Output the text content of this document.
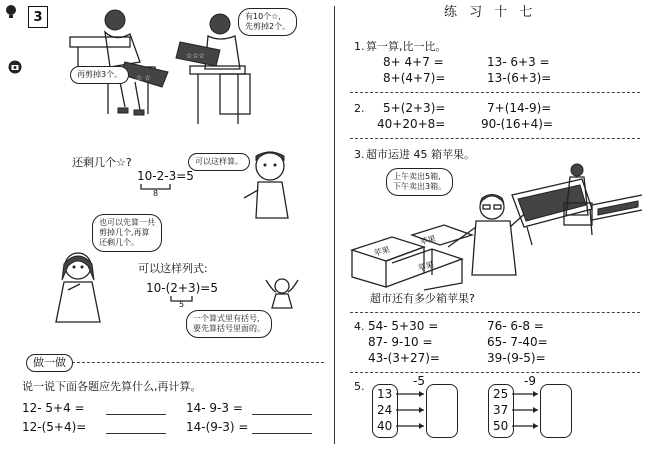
3
☆ ☆
再剪掉3个。
☆☆☆
有10个☆,
先剪掉2个。
还剩几个☆?
10-2-3=5
8
可以这样算。
也可以先算一共
剪掉几个,再算
还剩几个。
可以这样列式:
10-(2+3)=5
5
一个算式里有括号,
要先算括号里面的。
做一做
说一说下面各题应先算什么,再计算。
12- 5+4 =	14- 9-3 =
12-(5+4)=	14-(9-3) =
练 习 十 七
1. 算一算,比一比。
8+ 4+7 =	13- 6+3 =
8+(4+7)=	13-(6+3)=
2. 5+(2+3)=	7+(14-9)=
40+20+8=	90-(16+4)=
3. 超市运进 45 箱苹果。
上午卖出5箱,
下午卖出3箱。
苹果
苹果
苹果
超市还有多少箱苹果?
4. 54- 5+30 =	76- 6-8 =
87- 9-10 =	65- 7-40=
43-(3+27)=	39-(9-5)=
5.	-5
13
24
40
-9
25
37
50
